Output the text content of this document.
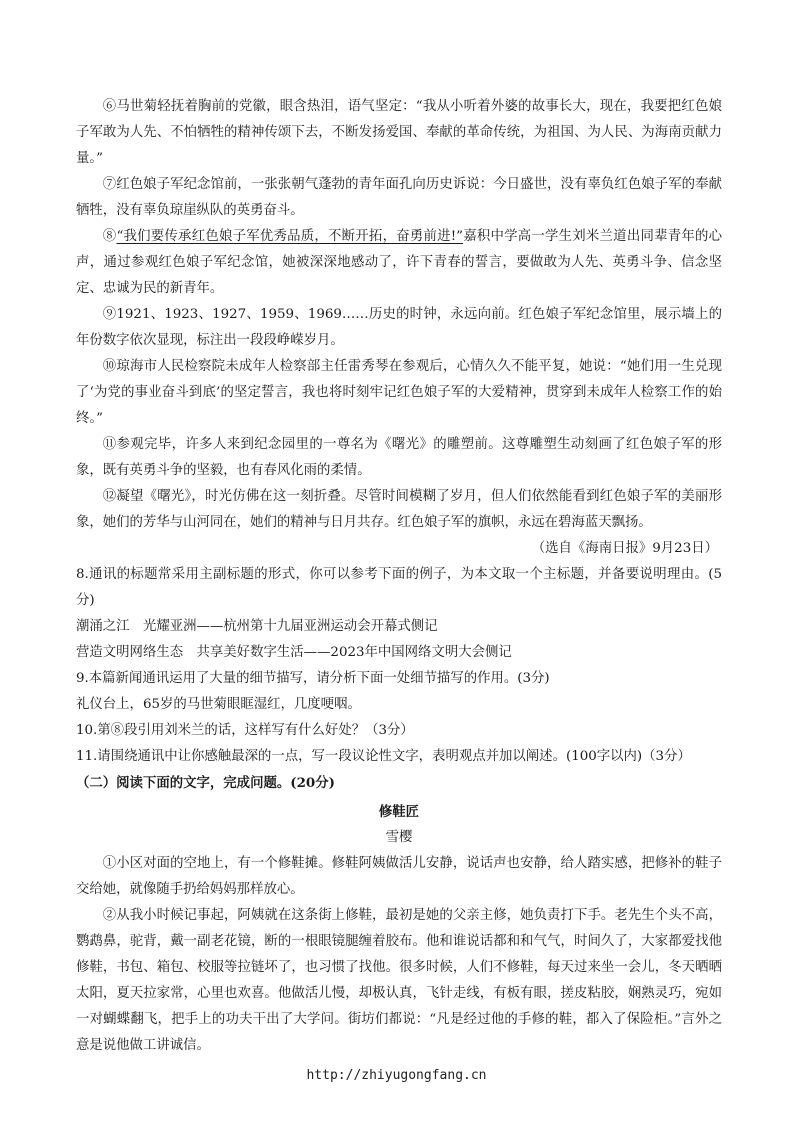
⑥马世菊轻抚着胸前的党徽，眼含热泪，语气坚定：“我从小听着外婆的故事长大，现在，我要把红色娘子军敢为人先、不怕牺牲的精神传颂下去，不断发扬爱国、奉献的革命传统，为祖国、为人民、为海南贡献力量。”

⑦红色娘子军纪念馆前，一张张朝气蓬勃的青年面孔向历史诉说：今日盛世，没有辜负红色娘子军的奉献牺牲，没有辜负琼崖纵队的英勇奋斗。

⑧“我们要传承红色娘子军优秀品质，不断开拓，奋勇前进!”嘉积中学高一学生刘米兰道出同辈青年的心声，通过参观红色娘子军纪念馆，她被深深地感动了，许下青春的誓言，要做敢为人先、英勇斗争、信念坚定、忠诚为民的新青年。

⑨1921、1923、1927、1959、1969……历史的时钟，永远向前。红色娘子军纪念馆里，展示墙上的年份数字依次显现，标注出一段段峥嵘岁月。

⑩琼海市人民检察院未成年人检察部主任雷秀琴在参观后，心情久久不能平复，她说：“她们用一生兑现了‘为党的事业奋斗到底’的坚定誓言，我也将时刻牢记红色娘子军的大爱精神，贯穿到未成年人检察工作的始终。”

⑪参观完毕，许多人来到纪念园里的一尊名为《曙光》的雕塑前。这尊雕塑生动刻画了红色娘子军的形象，既有英勇斗争的坚毅，也有春风化雨的柔情。

⑫凝望《曙光》，时光仿佛在这一刻折叠。尽管时间模糊了岁月，但人们依然能看到红色娘子军的美丽形象，她们的芳华与山河同在，她们的精神与日月共存。红色娘子军的旗帜，永远在碧海蓝天飘扬。

（选自《海南日报》9月23日）

8.通讯的标题常采用主副标题的形式，你可以参考下面的例子，为本文取一个主标题，并备要说明理由。(5分)

潮涌之江　光耀亚洲——杭州第十九届亚洲运动会开幕式侧记

营造文明网络生态　共享美好数字生活——2023年中国网络文明大会侧记

9.本篇新闻通讯运用了大量的细节描写，请分析下面一处细节描写的作用。(3分)

礼仪台上，65岁的马世菊眼眶湿红，几度哽咽。

10.第⑧段引用刘米兰的话，这样写有什么好处？（3分）

11.请围绕通讯中让你感触最深的一点，写一段议论性文字，表明观点并加以阐述。(100字以内)（3分）

（二）阅读下面的文字，完成问题。(20分)

修鞋匠

雪樱

①小区对面的空地上，有一个修鞋摊。修鞋阿姨做活儿安静，说话声也安静，给人踏实感，把修补的鞋子交给她，就像随手扔给妈妈那样放心。

②从我小时候记事起，阿姨就在这条街上修鞋，最初是她的父亲主修，她负责打下手。老先生个头不高，鹦鹉鼻，驼背，戴一副老花镜，断的一根眼镜腿缠着胶布。他和谁说话都和和气气，时间久了，大家都爱找他修鞋，书包、箱包、校服等拉链坏了，也习惯了找他。很多时候，人们不修鞋，每天过来坐一会儿，冬天晒晒太阳，夏天拉家常，心里也欢喜。他做活儿慢，却极认真，飞针走线，有板有眼，搓皮粘胶，娴熟灵巧，宛如一对蝴蝶翻飞，把手上的功夫干出了大学问。街坊们都说：“凡是经过他的手修的鞋，都入了保险柜。”言外之意是说他做工讲诚信。

http://zhiyugongfang.cn
